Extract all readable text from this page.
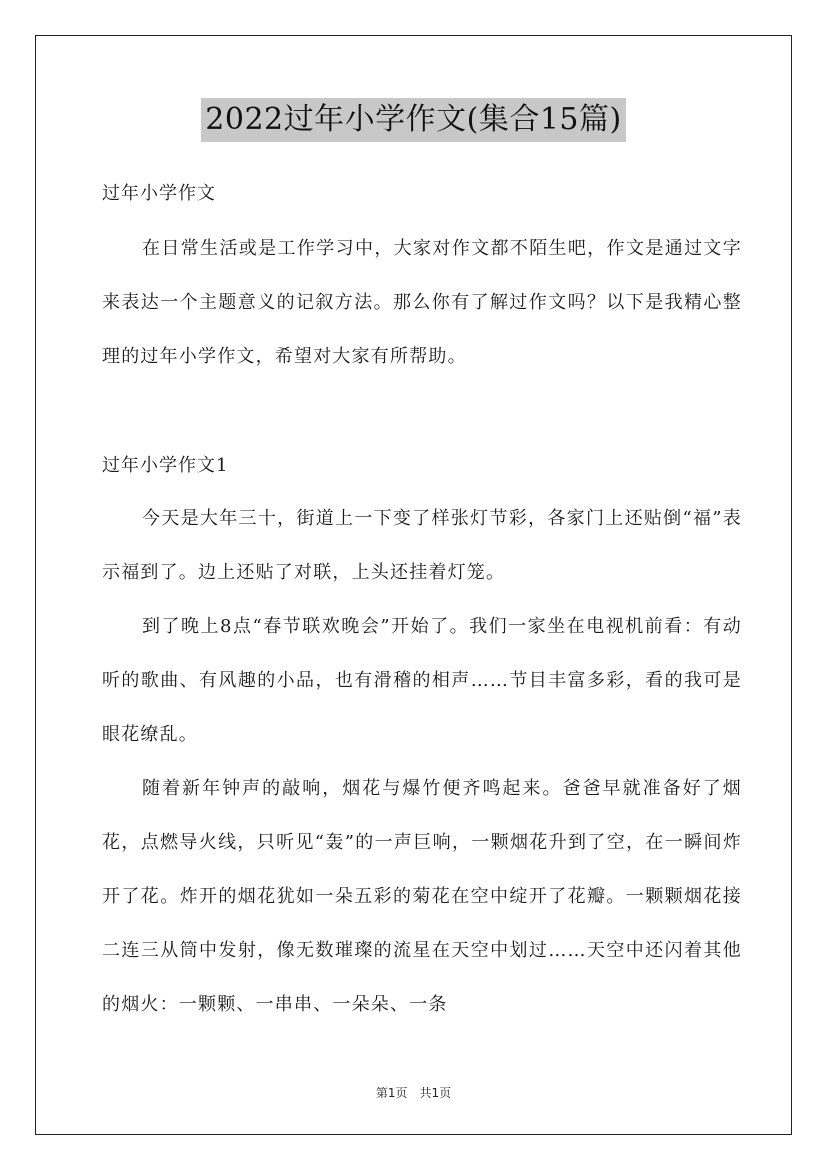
2022过年小学作文(集合15篇)
过年小学作文

在日常生活或是工作学习中，大家对作文都不陌生吧，作文是通过文字来表达一个主题意义的记叙方法。那么你有了解过作文吗？以下是我精心整理的过年小学作文，希望对大家有所帮助。

过年小学作文1

今天是大年三十，街道上一下变了样张灯节彩，各家门上还贴倒“福”表示福到了。边上还贴了对联，上头还挂着灯笼。

到了晚上8点“春节联欢晚会”开始了。我们一家坐在电视机前看：有动听的歌曲、有风趣的小品，也有滑稽的相声……节目丰富多彩，看的我可是眼花缭乱。

随着新年钟声的敲响，烟花与爆竹便齐鸣起来。爸爸早就准备好了烟花，点燃导火线，只听见“轰”的一声巨响，一颗烟花升到了空，在一瞬间炸开了花。炸开的烟花犹如一朵五彩的菊花在空中绽开了花瓣。一颗颗烟花接二连三从筒中发射，像无数璀璨的流星在天空中划过……天空中还闪着其他的烟火：一颗颗、一串串、一朵朵、一条

第1页 共1页
